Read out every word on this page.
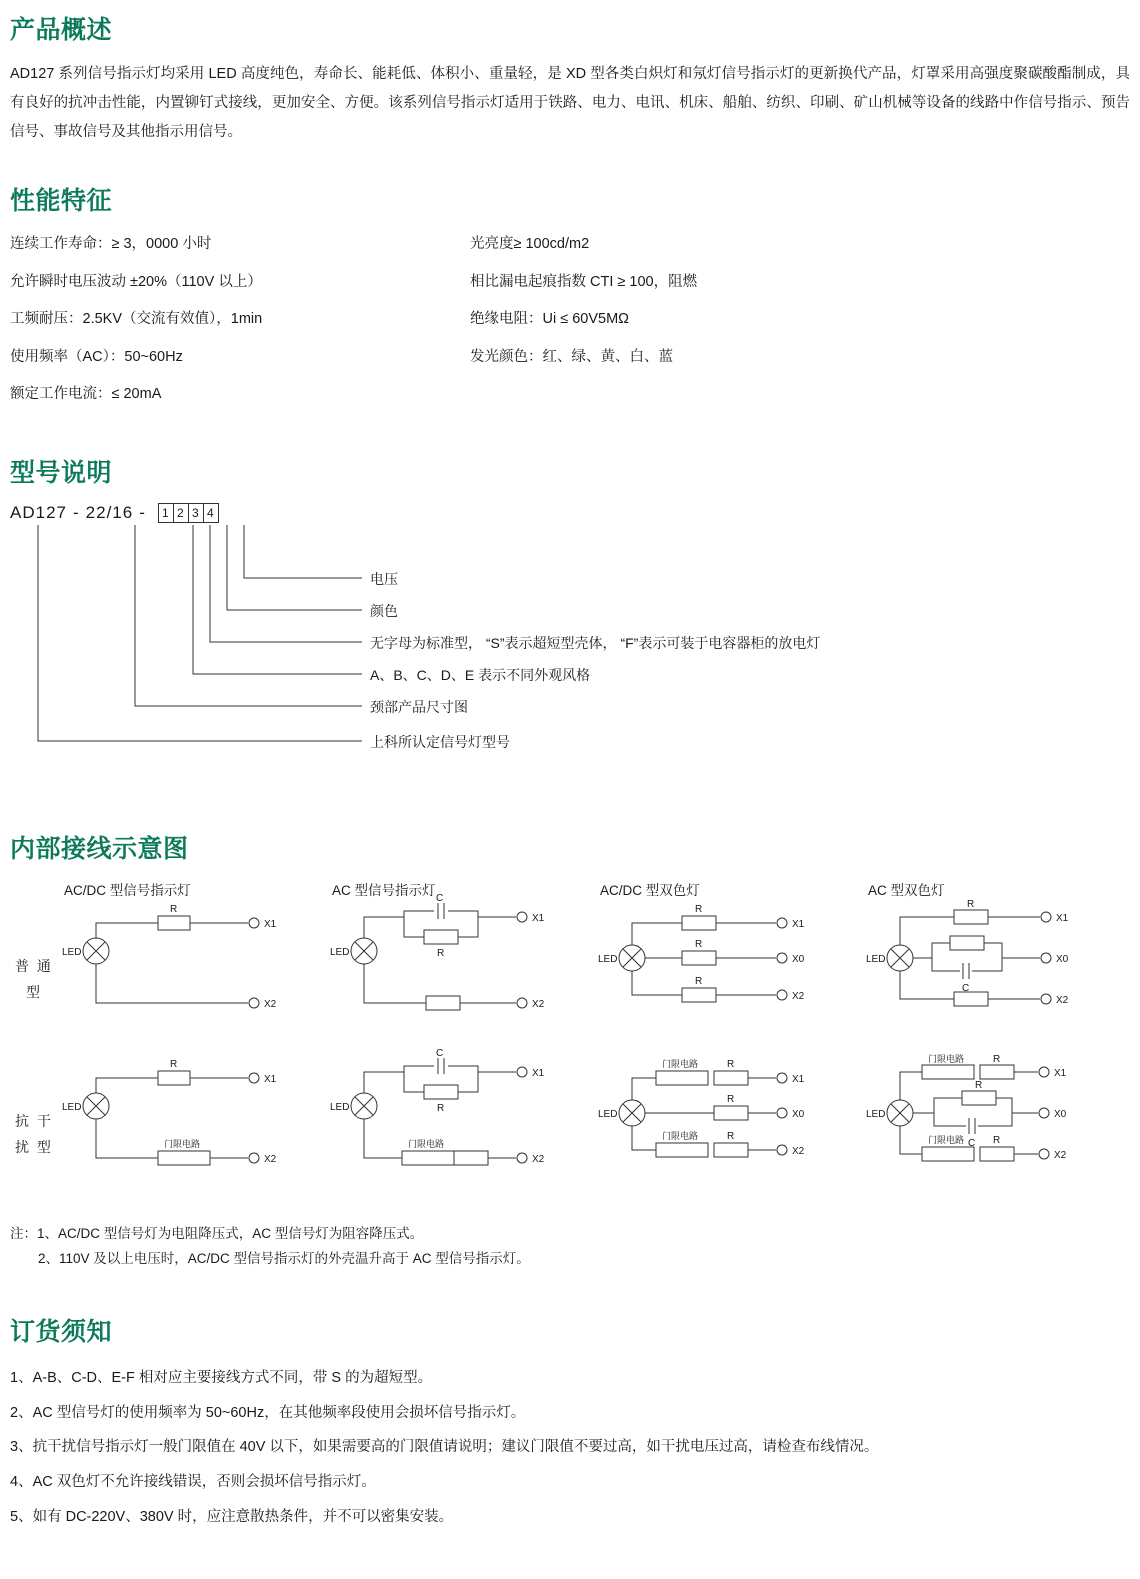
产品概述

AD127 系列信号指示灯均采用 LED 高度纯色，寿命长、能耗低、体积小、重量轻，是 XD 型各类白炽灯和氖灯信号指示灯的更新换代产品，灯罩采用高强度聚碳酸酯制成，具有良好的抗冲击性能，内置铆钉式接线，更加安全、方便。该系列信号指示灯适用于铁路、电力、电讯、机床、船舶、纺织、印刷、矿山机械等设备的线路中作信号指示、预告信号、事故信号及其他指示用信号。

性能特征
连续工作寿命：≥ 3，0000 小时	光亮度≥ 100cd/m2
允许瞬时电压波动 ±20%（110V 以上）	相比漏电起痕指数 CTI ≥ 100，阻燃
工频耐压：2.5KV（交流有效值），1min	绝缘电阻：Ui ≤ 60V5MΩ
使用频率（AC）：50~60Hz	发光颜色：红、绿、黄、白、蓝
额定工作电流：≤ 20mA
型号说明
AD127 - 22/16 -	1 2 3 4
电压
颜色
无字母为标准型， “S”表示超短型壳体， “F”表示可装于电容器柜的放电灯
A、B、C、D、E 表示不同外观风格
颈部产品尺寸图
上科所认定信号灯型号
内部接线示意图
AC/DC 型信号指示灯	AC 型信号指示灯	AC/DC 型双色灯	AC 型双色灯
普 通 型
LED
R
X1
X2
LED
C
R
X1
X2
LED
R
X1
R
X0
R
X2
LED
R
X1
C
X0
X2
抗 干 扰 型
LED
R
X1
门限电路
X2
LED
C
R
X1
门限电路
X2
LED
门限电路	R
X1
R
X0
门限电路	R
X2
LED
门限电路	R
X1
R
C
X0
门限电路	R
X2
注：1、AC/DC 型信号灯为电阻降压式，AC 型信号灯为阻容降压式。
2、110V 及以上电压时，AC/DC 型信号指示灯的外壳温升高于 AC 型信号指示灯。
订货须知
1、A-B、C-D、E-F 相对应主要接线方式不同，带 S 的为超短型。
2、AC 型信号灯的使用频率为 50~60Hz，在其他频率段使用会损坏信号指示灯。
3、抗干扰信号指示灯一般门限值在 40V 以下，如果需要高的门限值请说明；建议门限值不要过高，如干扰电压过高，请检查布线情况。
4、AC 双色灯不允许接线错误，否则会损坏信号指示灯。
5、如有 DC-220V、380V 时，应注意散热条件，并不可以密集安装。
